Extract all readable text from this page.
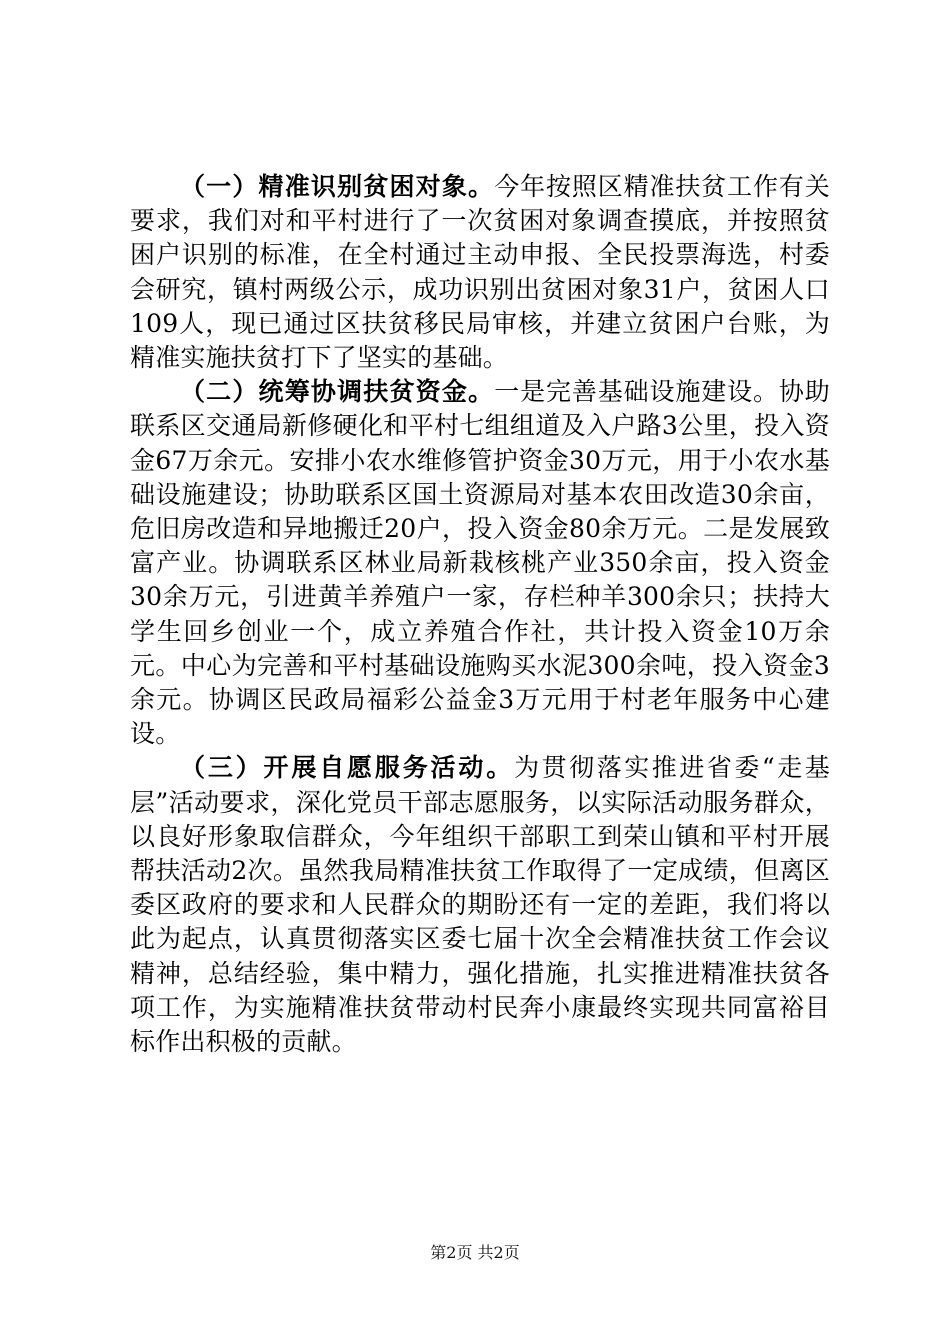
（一）精准识别贫困对象。今年按照区精准扶贫工作有关要求，我们对和平村进行了一次贫困对象调查摸底，并按照贫困户识别的标准，在全村通过主动申报、全民投票海选，村委会研究，镇村两级公示，成功识别出贫困对象31户，贫困人口109人，现已通过区扶贫移民局审核，并建立贫困户台账，为精准实施扶贫打下了坚实的基础。

（二）统筹协调扶贫资金。一是完善基础设施建设。协助联系区交通局新修硬化和平村七组组道及入户路3公里，投入资金67万余元。安排小农水维修管护资金30万元，用于小农水基础设施建设；协助联系区国土资源局对基本农田改造30余亩，危旧房改造和异地搬迁20户，投入资金80余万元。二是发展致富产业。协调联系区林业局新栽核桃产业350余亩，投入资金30余万元，引进黄羊养殖户一家，存栏种羊300余只；扶持大学生回乡创业一个，成立养殖合作社，共计投入资金10万余元。中心为完善和平村基础设施购买水泥300余吨，投入资金3余元。协调区民政局福彩公益金3万元用于村老年服务中心建设。

（三）开展自愿服务活动。为贯彻落实推进省委“走基层”活动要求，深化党员干部志愿服务，以实际活动服务群众，以良好形象取信群众，今年组织干部职工到荣山镇和平村开展帮扶活动2次。虽然我局精准扶贫工作取得了一定成绩，但离区委区政府的要求和人民群众的期盼还有一定的差距，我们将以此为起点，认真贯彻落实区委七届十次全会精准扶贫工作会议精神，总结经验，集中精力，强化措施，扎实推进精准扶贫各项工作，为实施精准扶贫带动村民奔小康最终实现共同富裕目标作出积极的贡献。

第2页 共2页
